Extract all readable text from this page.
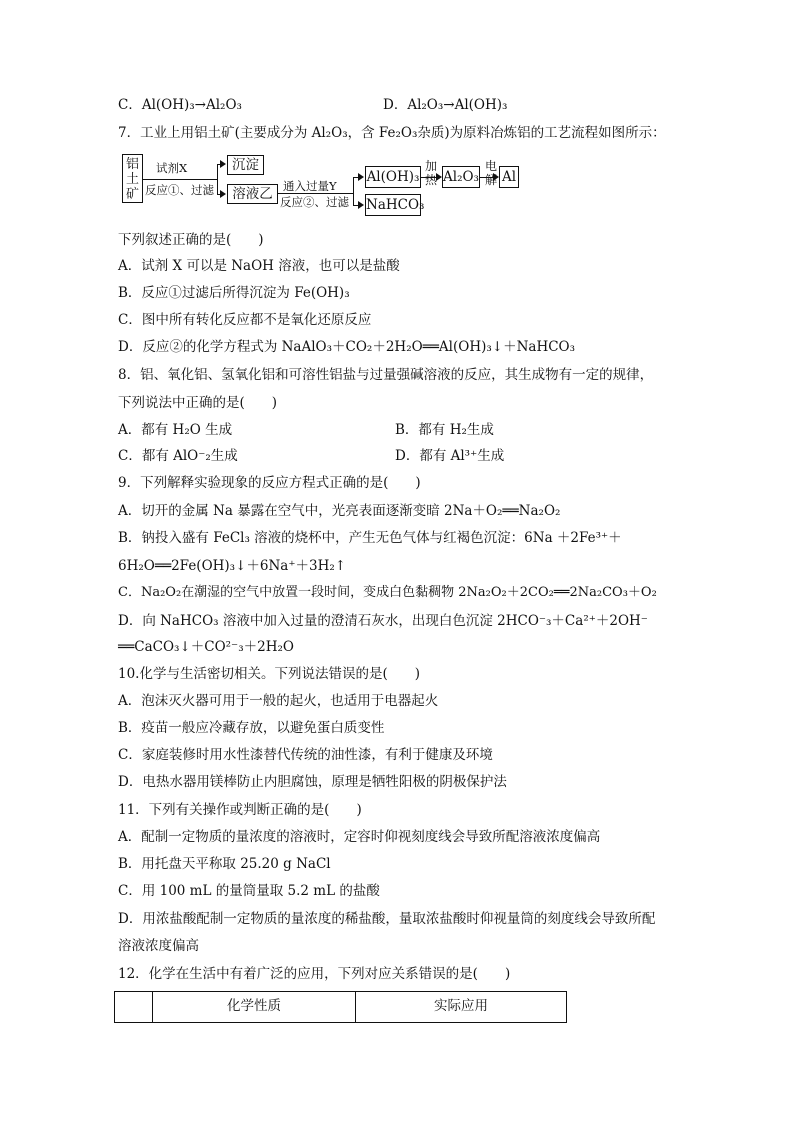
C．Al(OH)₃→Al₂O₃	D．Al₂O₃→Al(OH)₃
7．工业上用铝土矿(主要成分为 Al₂O₃，含 Fe₂O₃杂质)为原料冶炼铝的工艺流程如图所示：
铝土矿
试剂X
反应①、过滤
沉淀
溶液乙 通入过量Y
反应②、过滤
Al(OH)₃
NaHCO₃
加热 Al₂O₃
电解 Al
下列叙述正确的是(　　)
A．试剂 X 可以是 NaOH 溶液，也可以是盐酸
B．反应①过滤后所得沉淀为 Fe(OH)₃
C．图中所有转化反应都不是氧化还原反应
D．反应②的化学方程式为 NaAlO₃＋CO₂＋2H₂O══Al(OH)₃↓＋NaHCO₃
8．铝、氧化铝、氢氧化铝和可溶性铝盐与过量强碱溶液的反应，其生成物有一定的规律，
下列说法中正确的是(　　)
A．都有 H₂O 生成	B．都有 H₂生成
C．都有 AlO⁻₂生成	D．都有 Al³⁺生成
9．下列解释实验现象的反应方程式正确的是(　　)
A．切开的金属 Na 暴露在空气中，光亮表面逐渐变暗 2Na＋O₂══Na₂O₂
B．钠投入盛有 FeCl₃ 溶液的烧杯中，产生无色气体与红褐色沉淀：6Na ＋2Fe³⁺＋
6H₂O══2Fe(OH)₃↓＋6Na⁺＋3H₂↑
C．Na₂O₂在潮湿的空气中放置一段时间，变成白色黏稠物 2Na₂O₂＋2CO₂══2Na₂CO₃＋O₂
D．向 NaHCO₃ 溶液中加入过量的澄清石灰水，出现白色沉淀 2HCO⁻₃＋Ca²⁺＋2OH⁻
══CaCO₃↓＋CO²⁻₃＋2H₂O
10.化学与生活密切相关。下列说法错误的是(　　)
A．泡沫灭火器可用于一般的起火，也适用于电器起火
B．疫苗一般应冷藏存放，以避免蛋白质变性
C．家庭装修时用水性漆替代传统的油性漆，有利于健康及环境
D．电热水器用镁棒防止内胆腐蚀，原理是牺牲阳极的阴极保护法
11．下列有关操作或判断正确的是(　　)
A．配制一定物质的量浓度的溶液时，定容时仰视刻度线会导致所配溶液浓度偏高
B．用托盘天平称取 25.20 g NaCl
C．用 100 mL 的量筒量取 5.2 mL 的盐酸
D．用浓盐酸配制一定物质的量浓度的稀盐酸，量取浓盐酸时仰视量筒的刻度线会导致所配
溶液浓度偏高
12．化学在生活中有着广泛的应用，下列对应关系错误的是(　　)
	化学性质	实际应用
